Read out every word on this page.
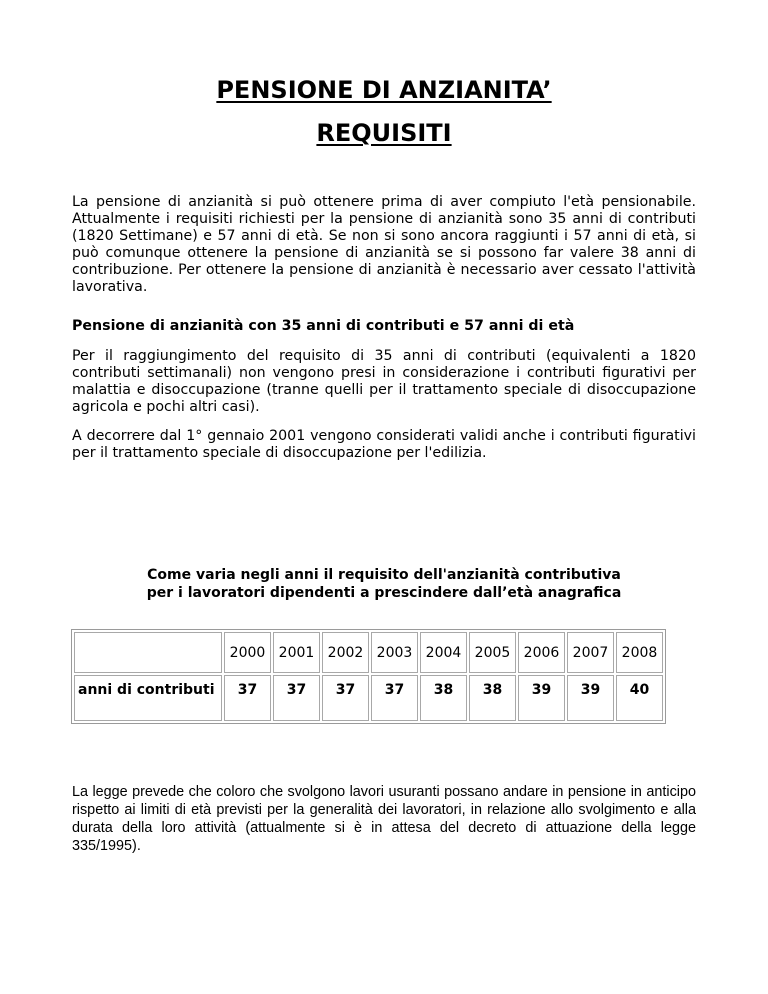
PENSIONE DI ANZIANITA’
REQUISITI

La pensione di anzianità si può ottenere prima di aver compiuto l'età pensionabile. Attualmente i requisiti richiesti per la pensione di anzianità sono 35 anni di contributi (1820 Settimane) e 57 anni di età. Se non si sono ancora raggiunti i 57 anni di età, si può comunque ottenere la pensione di anzianità se si possono far valere 38 anni di contribuzione. Per ottenere la pensione di anzianità è necessario aver cessato l'attività lavorativa.

Pensione di anzianità con 35 anni di contributi e 57 anni di età

Per il raggiungimento del requisito di 35 anni di contributi (equivalenti a 1820 contributi settimanali) non vengono presi in considerazione i contributi figurativi per malattia e disoccupazione (tranne quelli per il trattamento speciale di disoccupazione agricola e pochi altri casi).

A decorrere dal 1° gennaio 2001 vengono considerati validi anche i contributi figurativi per il trattamento speciale di disoccupazione per l'edilizia.

Come varia negli anni il requisito dell'anzianità contributiva

per i lavoratori dipendenti a prescindere dall’età anagrafica

	2000	2001	2002	2003	2004	2005	2006	2007	2008
anni di contributi	37	37	37	37	38	38	39	39	40

La legge prevede che coloro che svolgono lavori usuranti possano andare in pensione in anticipo rispetto ai limiti di età previsti per la generalità dei lavoratori, in relazione allo svolgimento e alla durata della loro attività (attualmente si è in attesa del decreto di attuazione della legge 335/1995).
